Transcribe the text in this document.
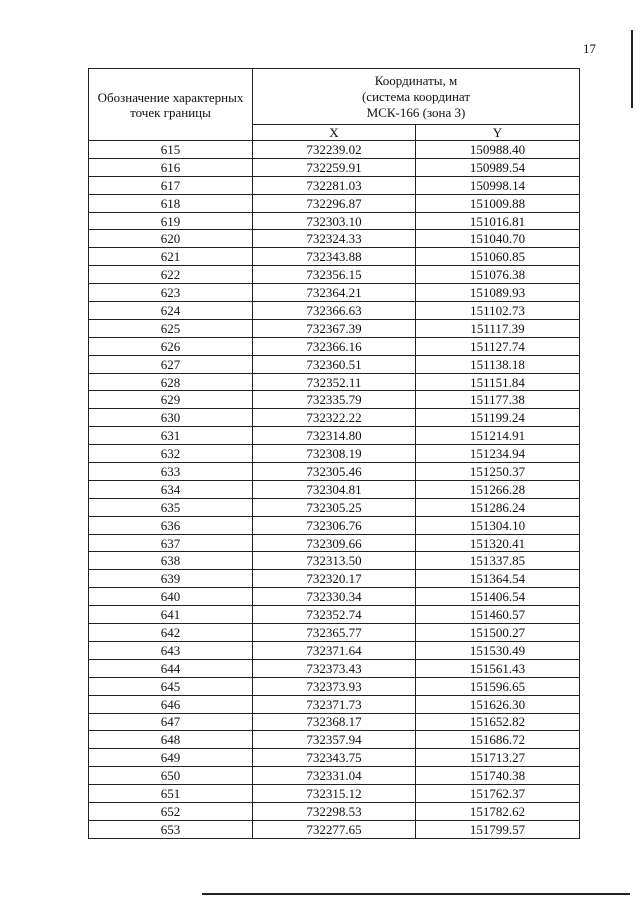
17
Обозначение характерных точек границы	Координаты, м
(система координат
МСК-166 (зона 3)	
	X	Y
615	732239.02	150988.40
616	732259.91	150989.54
617	732281.03	150998.14
618	732296.87	151009.88
619	732303.10	151016.81
620	732324.33	151040.70
621	732343.88	151060.85
622	732356.15	151076.38
623	732364.21	151089.93
624	732366.63	151102.73
625	732367.39	151117.39
626	732366.16	151127.74
627	732360.51	151138.18
628	732352.11	151151.84
629	732335.79	151177.38
630	732322.22	151199.24
631	732314.80	151214.91
632	732308.19	151234.94
633	732305.46	151250.37
634	732304.81	151266.28
635	732305.25	151286.24
636	732306.76	151304.10
637	732309.66	151320.41
638	732313.50	151337.85
639	732320.17	151364.54
640	732330.34	151406.54
641	732352.74	151460.57
642	732365.77	151500.27
643	732371.64	151530.49
644	732373.43	151561.43
645	732373.93	151596.65
646	732371.73	151626.30
647	732368.17	151652.82
648	732357.94	151686.72
649	732343.75	151713.27
650	732331.04	151740.38
651	732315.12	151762.37
652	732298.53	151782.62
653	732277.65	151799.57
